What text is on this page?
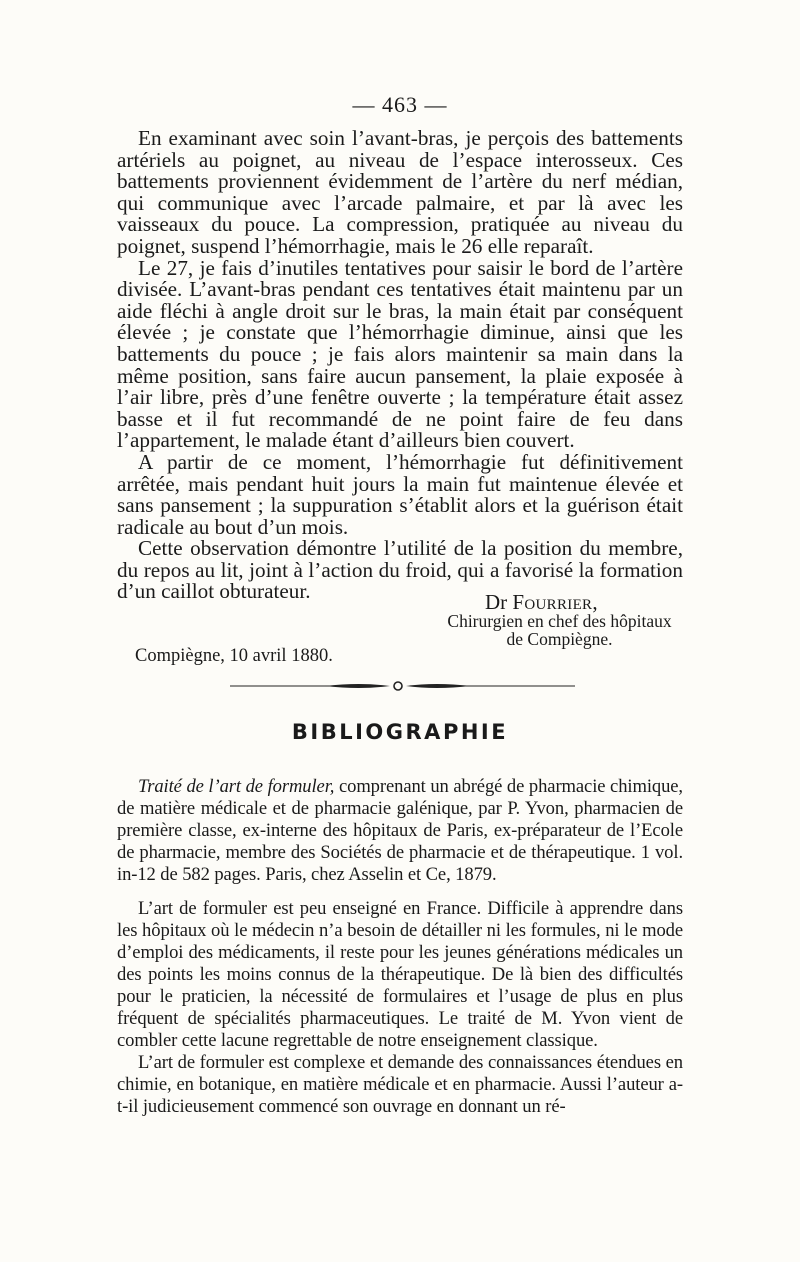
— 463 —

En examinant avec soin l’avant-bras, je perçois des battements artériels au poignet, au niveau de l’espace interosseux. Ces battements proviennent évidemment de l’artère du nerf médian, qui communique avec l’arcade palmaire, et par là avec les vaisseaux du pouce. La compression, pratiquée au niveau du poignet, suspend l’hémorrhagie, mais le 26 elle reparaît.

Le 27, je fais d’inutiles tentatives pour saisir le bord de l’artère divisée. L’avant-bras pendant ces tentatives était maintenu par un aide fléchi à angle droit sur le bras, la main était par conséquent élevée ; je constate que l’hémorrhagie diminue, ainsi que les battements du pouce ; je fais alors maintenir sa main dans la même position, sans faire aucun pansement, la plaie exposée à l’air libre, près d’une fenêtre ouverte ; la température était assez basse et il fut recommandé de ne point faire de feu dans l’appartement, le malade étant d’ailleurs bien couvert.

A partir de ce moment, l’hémorrhagie fut définitivement arrêtée, mais pendant huit jours la main fut maintenue élevée et sans pansement ; la suppuration s’établit alors et la guérison était radicale au bout d’un mois.

Cette observation démontre l’utilité de la position du membre, du repos au lit, joint à l’action du froid, qui a favorisé la formation d’un caillot obturateur.	Dr Fourrier,
Chirurgien en chef des hôpitaux
de Compiègne.
Compiègne, 10 avril 1880.
BIBLIOGRAPHIE

Traité de l’art de formuler, comprenant un abrégé de pharmacie chimique, de matière médicale et de pharmacie galénique, par P. Yvon, pharmacien de première classe, ex-interne des hôpitaux de Paris, ex-préparateur de l’Ecole de pharmacie, membre des Sociétés de pharmacie et de thérapeutique. 1 vol. in-12 de 582 pages. Paris, chez Asselin et Ce, 1879.

L’art de formuler est peu enseigné en France. Difficile à apprendre dans les hôpitaux où le médecin n’a besoin de détailler ni les formules, ni le mode d’emploi des médicaments, il reste pour les jeunes générations médicales un des points les moins connus de la thérapeutique. De là bien des difficultés pour le praticien, la nécessité de formulaires et l’usage de plus en plus fréquent de spécialités pharmaceutiques. Le traité de M. Yvon vient de combler cette lacune regrettable de notre enseignement classique.

L’art de formuler est complexe et demande des connaissances étendues en chimie, en botanique, en matière médicale et en pharmacie. Aussi l’auteur a-t-il judicieusement commencé son ouvrage en donnant un ré-
